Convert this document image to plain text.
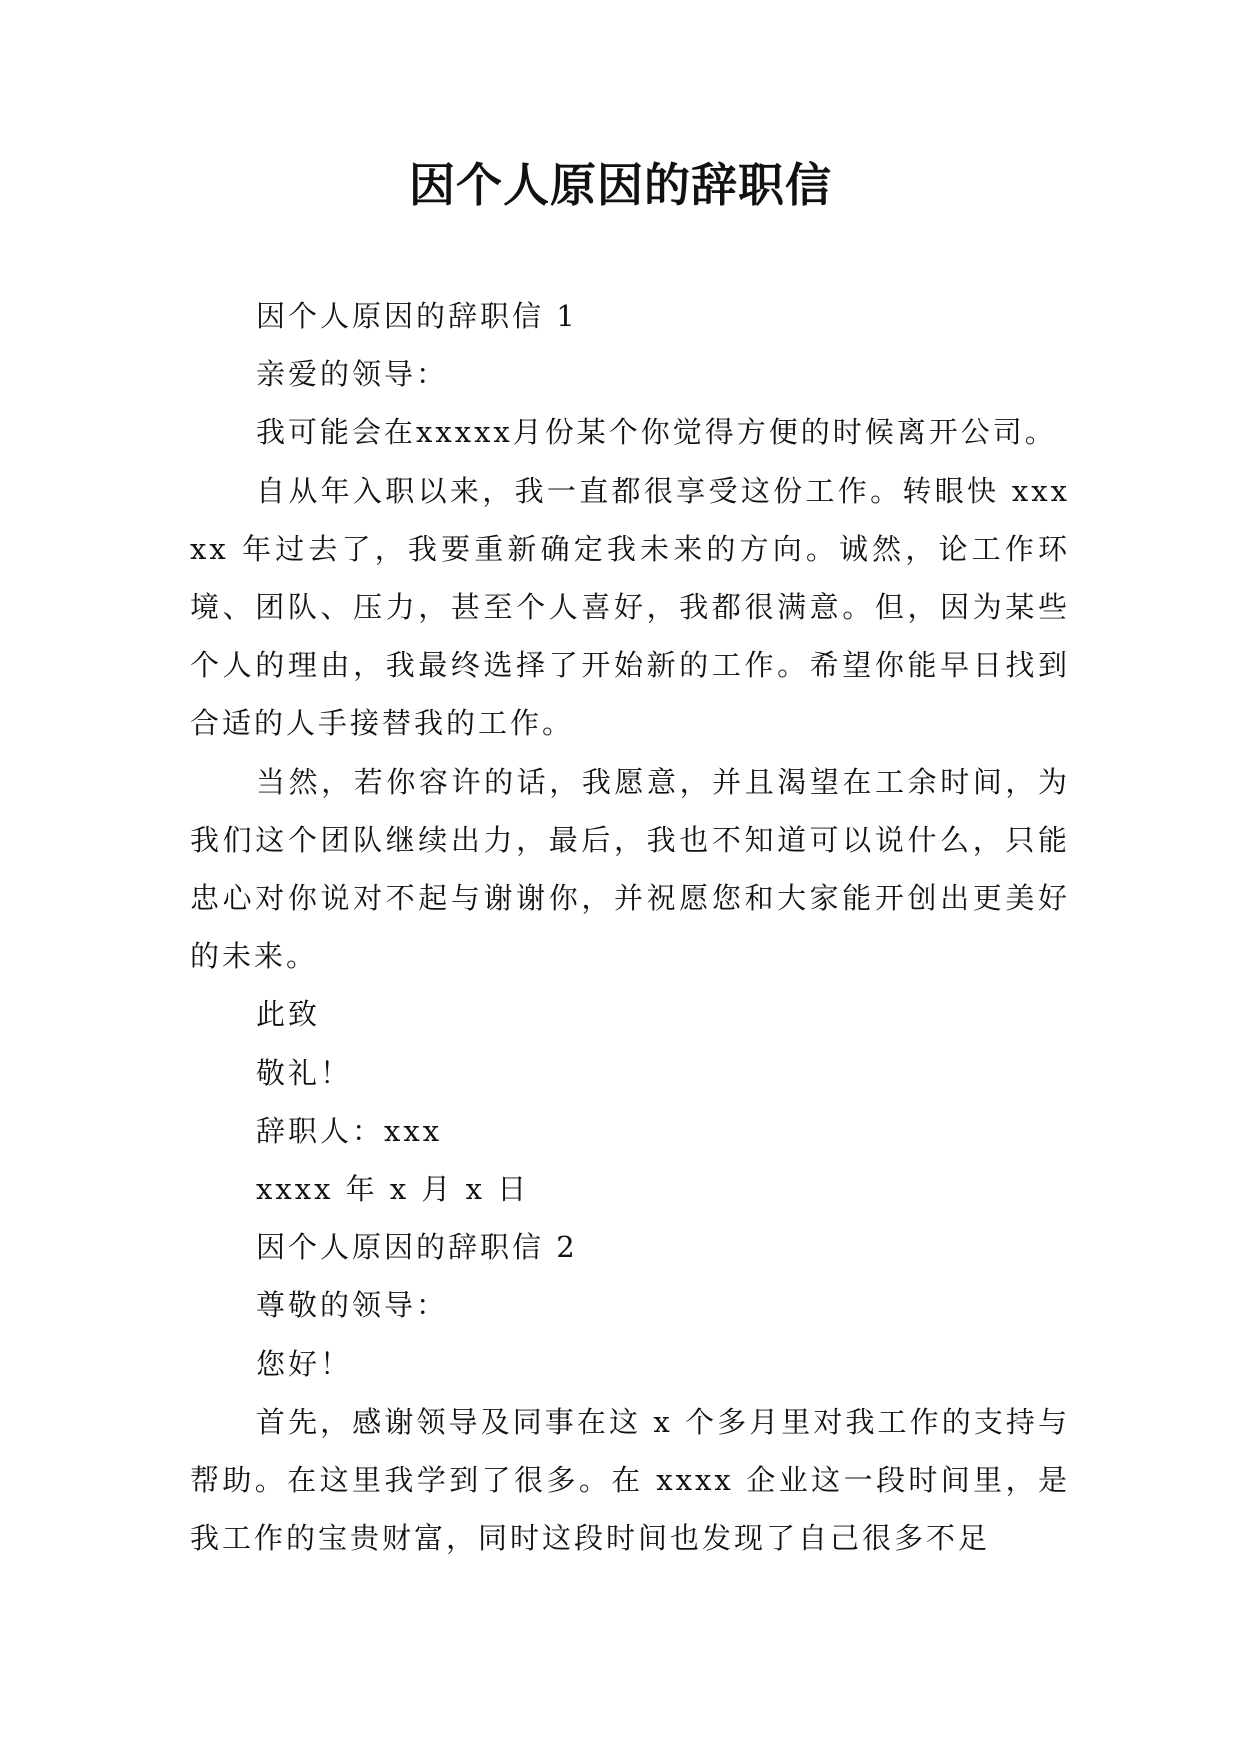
因个人原因的辞职信

因个人原因的辞职信 1

亲爱的领导：

我可能会在xxxxx月份某个你觉得方便的时候离开公司。

自从年入职以来，我一直都很享受这份工作。转眼快 xxxxx 年过去了，我要重新确定我未来的方向。诚然，论工作环境、团队、压力，甚至个人喜好，我都很满意。但，因为某些个人的理由，我最终选择了开始新的工作。希望你能早日找到合适的人手接替我的工作。

当然，若你容许的话，我愿意，并且渴望在工余时间，为我们这个团队继续出力，最后，我也不知道可以说什么，只能忠心对你说对不起与谢谢你，并祝愿您和大家能开创出更美好的未来。

此致

敬礼！

辞职人：xxx

xxxx 年 x 月 x 日

因个人原因的辞职信 2

尊敬的领导：

您好！

首先，感谢领导及同事在这 x 个多月里对我工作的支持与帮助。在这里我学到了很多。在 xxxx 企业这一段时间里，是我工作的宝贵财富，同时这段时间也发现了自己很多不足
